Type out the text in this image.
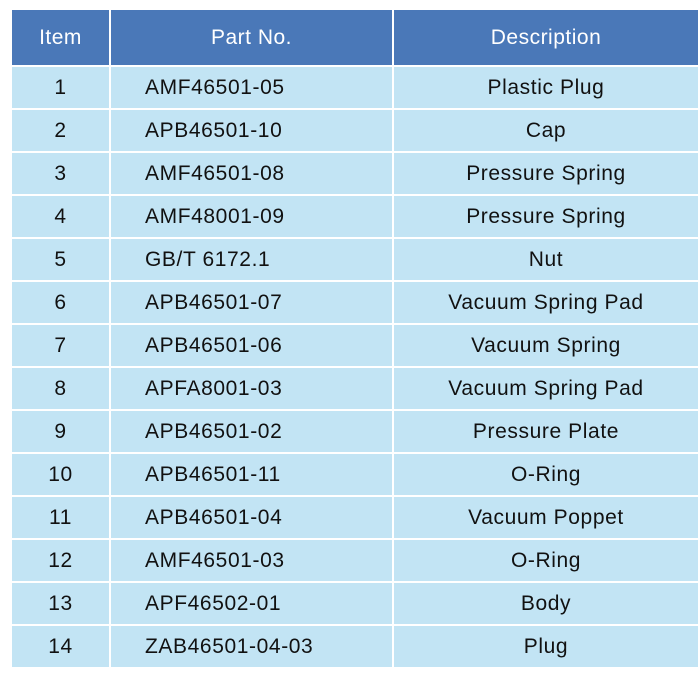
Item	Part No.	Description
1	AMF46501-05	Plastic Plug
2	APB46501-10	Cap
3	AMF46501-08	Pressure Spring
4	AMF48001-09	Pressure Spring
5	GB/T 6172.1	Nut
6	APB46501-07	Vacuum Spring Pad
7	APB46501-06	Vacuum Spring
8	APFA8001-03	Vacuum Spring Pad
9	APB46501-02	Pressure Plate
10	APB46501-11	O-Ring
11	APB46501-04	Vacuum Poppet
12	AMF46501-03	O-Ring
13	APF46502-01	Body
14	ZAB46501-04-03	Plug
